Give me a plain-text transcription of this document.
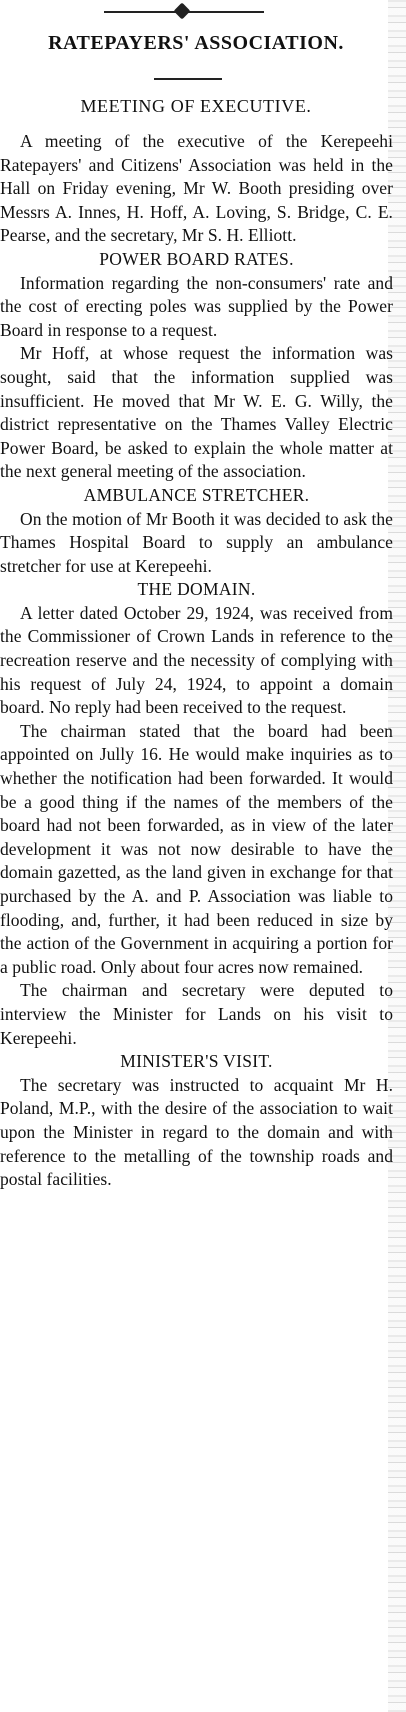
RATEPAYERS' ASSOCIATION.
MEETING OF EXECUTIVE.

A meeting of the executive of the Kerepeehi Ratepayers' and Citizens' Association was held in the Hall on Friday evening, Mr W. Booth presiding over Messrs A. Innes, H. Hoff, A. Loving, S. Bridge, C. E. Pearse, and the secretary, Mr S. H. Elliott.

POWER BOARD RATES.

Information regarding the non-consumers' rate and the cost of erecting poles was supplied by the Power Board in response to a request.

Mr Hoff, at whose request the information was sought, said that the information supplied was insufficient. He moved that Mr W. E. G. Willy, the district representative on the Thames Valley Electric Power Board, be asked to explain the whole matter at the next general meeting of the association.

AMBULANCE STRETCHER.

On the motion of Mr Booth it was decided to ask the Thames Hospital Board to supply an ambulance stretcher for use at Kerepeehi.

THE DOMAIN.

A letter dated October 29, 1924, was received from the Commissioner of Crown Lands in reference to the recreation reserve and the necessity of complying with his request of July 24, 1924, to appoint a domain board. No reply had been received to the request.

The chairman stated that the board had been appointed on Jully 16. He would make inquiries as to whether the notification had been forwarded. It would be a good thing if the names of the members of the board had not been forwarded, as in view of the later development it was not now desirable to have the domain gazetted, as the land given in exchange for that purchased by the A. and P. Association was liable to flooding, and, further, it had been reduced in size by the action of the Government in acquiring a portion for a public road. Only about four acres now remained.

The chairman and secretary were deputed to interview the Minister for Lands on his visit to Kerepeehi.

MINISTER'S VISIT.

The secretary was instructed to acquaint Mr H. Poland, M.P., with the desire of the association to wait upon the Minister in regard to the domain and with reference to the metalling of the township roads and postal facilities.
